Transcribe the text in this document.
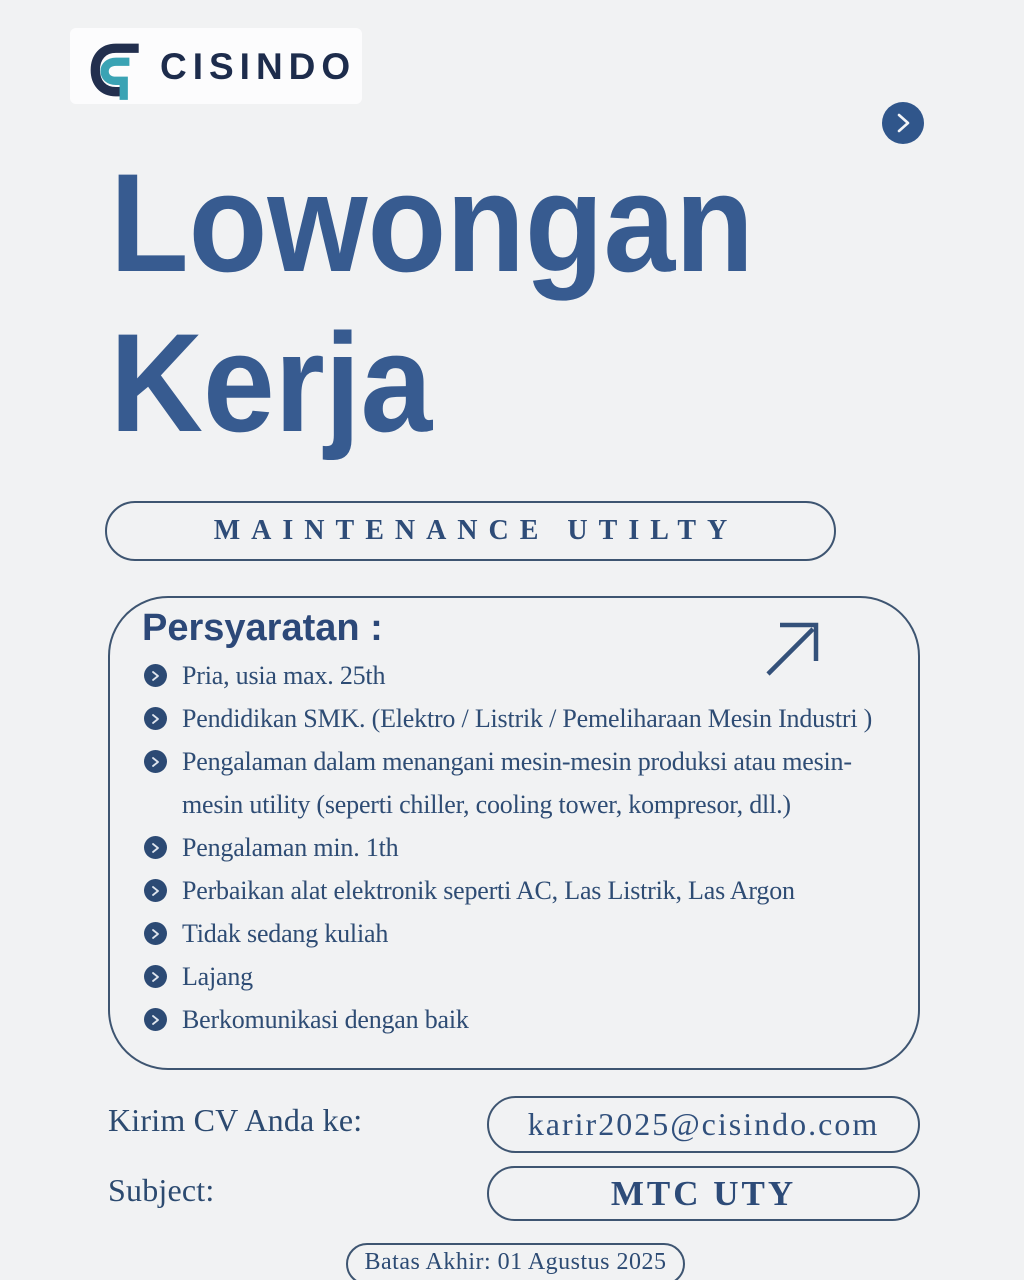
CISINDO
Lowongan
Kerja
MAINTENANCE UTILTY
Persyaratan :
Pria, usia max. 25th
Pendidikan SMK. (Elektro / Listrik / Pemeliharaan Mesin Industri )
Pengalaman dalam menangani mesin-mesin produksi atau mesin-mesin utility (seperti chiller, cooling tower, kompresor, dll.)
Pengalaman min. 1th
Perbaikan alat elektronik seperti AC, Las Listrik, Las Argon
Tidak sedang kuliah
Lajang
Berkomunikasi dengan baik
Kirim CV Anda ke:	karir2025@cisindo.com
Subject:	MTC UTY
Batas Akhir: 01 Agustus 2025
